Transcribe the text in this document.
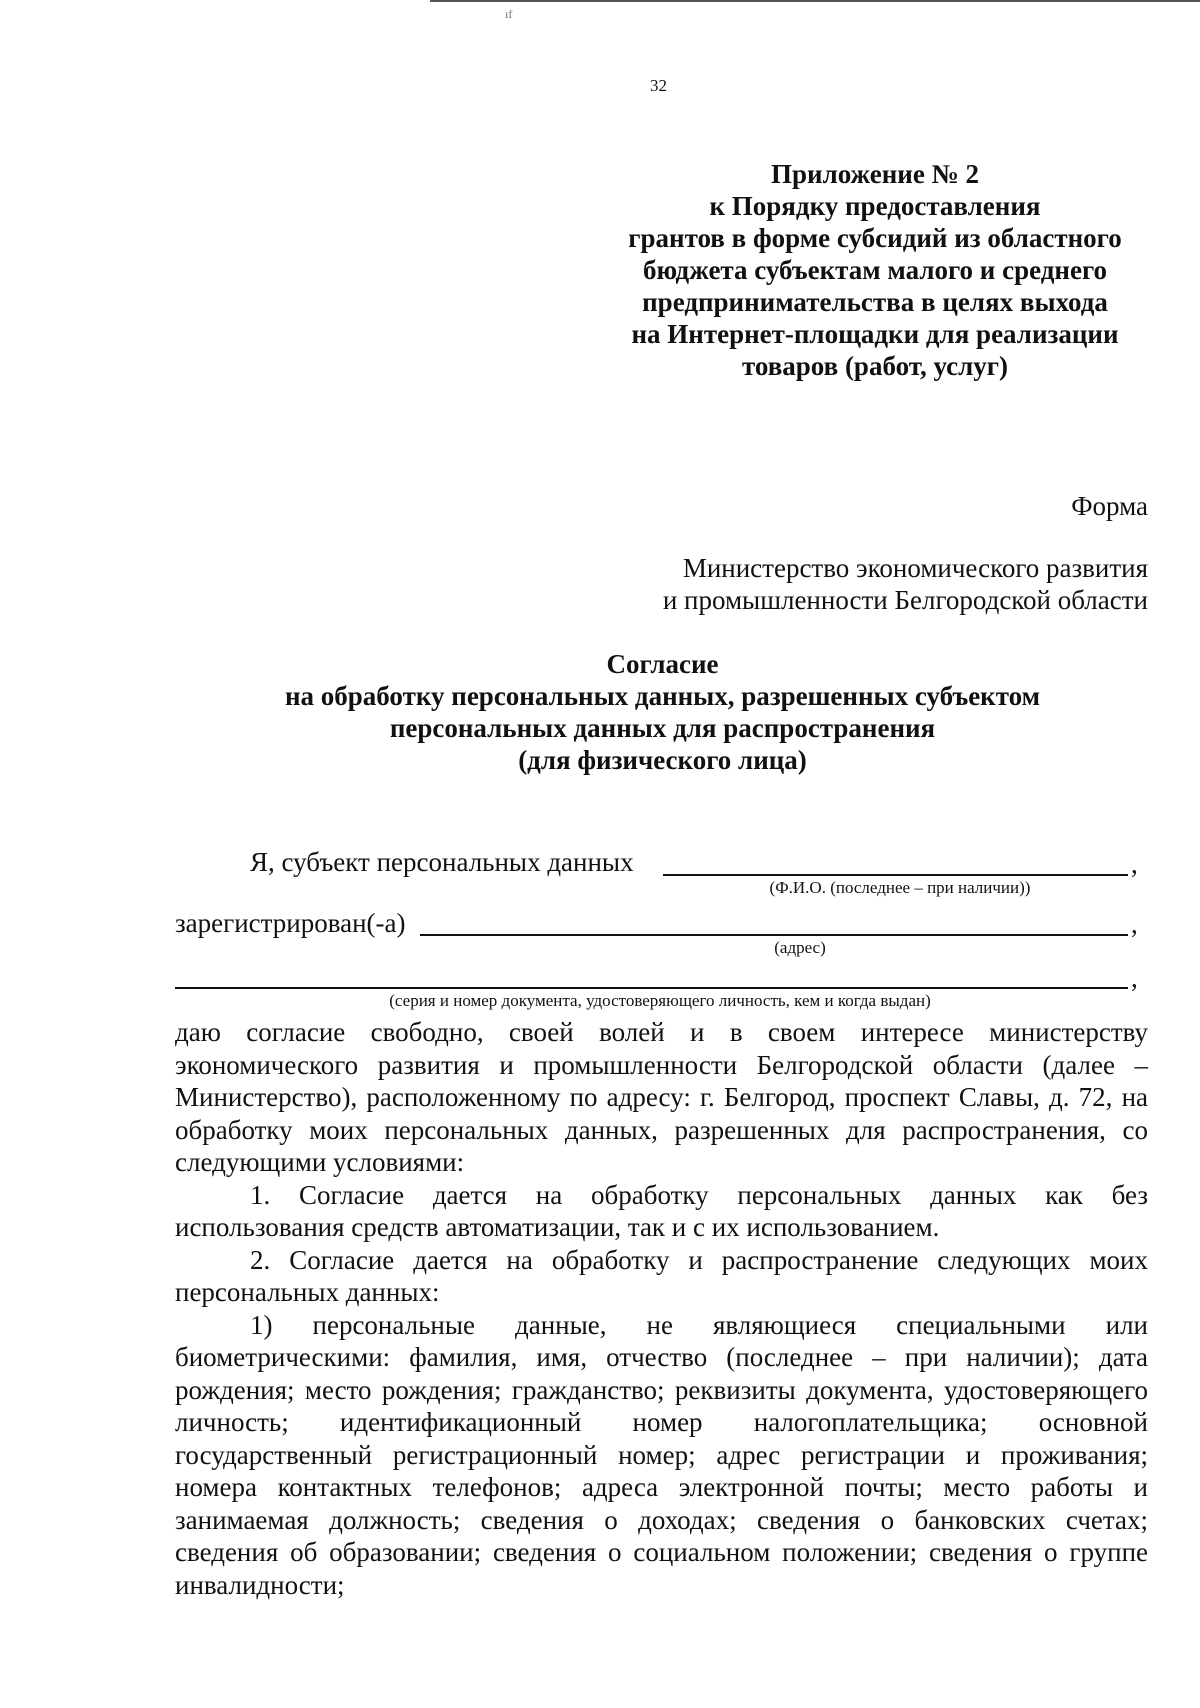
ıf
32
Приложение № 2
к Порядку предоставления
грантов в форме субсидий из областного
бюджета субъектам малого и среднего
предпринимательства в целях выхода
на Интернет-площадки для реализации
товаров (работ, услуг)
Форма
Министерство экономического развития
и промышленности Белгородской области
Согласие
на обработку персональных данных, разрешенных субъектом
персональных данных для распространения
(для физического лица)
Я, субъект персональных данных	,
(Ф.И.О. (последнее – при наличии))
зарегистрирован(-а)	,
(адрес)
,
(серия и номер документа, удостоверяющего личность, кем и когда выдан)

даю согласие свободно, своей волей и в своем интересе министерству экономического развития и промышленности Белгородской области (далее – Министерство), расположенному по адресу: г. Белгород, проспект Славы, д. 72, на обработку моих персональных данных, разрешенных для распространения, со следующими условиями:

1. Согласие дается на обработку персональных данных как без использования средств автоматизации, так и с их использованием.

2. Согласие дается на обработку и распространение следующих моих персональных данных:

1) персональные данные, не являющиеся специальными или биометрическими: фамилия, имя, отчество (последнее – при наличии); дата рождения; место рождения; гражданство; реквизиты документа, удостоверяющего личность; идентификационный номер налогоплательщика; основной государственный регистрационный номер; адрес регистрации и проживания; номера контактных телефонов; адреса электронной почты; место работы и занимаемая должность; сведения о доходах; сведения о банковских счетах; сведения об образовании; сведения о социальном положении; сведения о группе инвалидности;
